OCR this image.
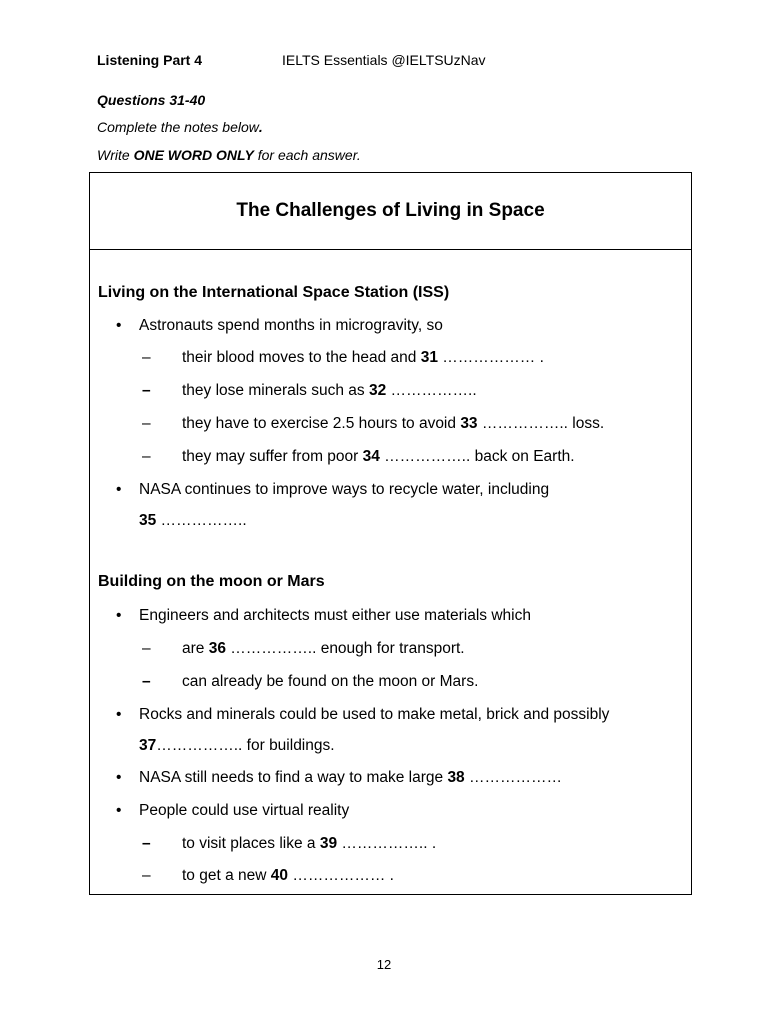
Listening Part 4	IELTS Essentials @IELTSUzNav
Questions 31-40
Complete the notes below.
Write ONE WORD ONLY for each answer.
The Challenges of Living in Space
Living on the International Space Station (ISS)
• Astronauts spend months in microgravity, so
– their blood moves to the head and 31 ……………… .
– they lose minerals such as 32 ……………..
– they have to exercise 2.5 hours to avoid 33 …………….. loss.
– they may suffer from poor 34 …………….. back on Earth.
• NASA continues to improve ways to recycle water, including
35 ……………..
Building on the moon or Mars
• Engineers and architects must either use materials which
– are 36 …………….. enough for transport.
– can already be found on the moon or Mars.
• Rocks and minerals could be used to make metal, brick and possibly
37…………….. for buildings.
• NASA still needs to find a way to make large 38 ………………
• People could use virtual reality
– to visit places like a 39 …………….. .
– to get a new 40 ……………… .
12
